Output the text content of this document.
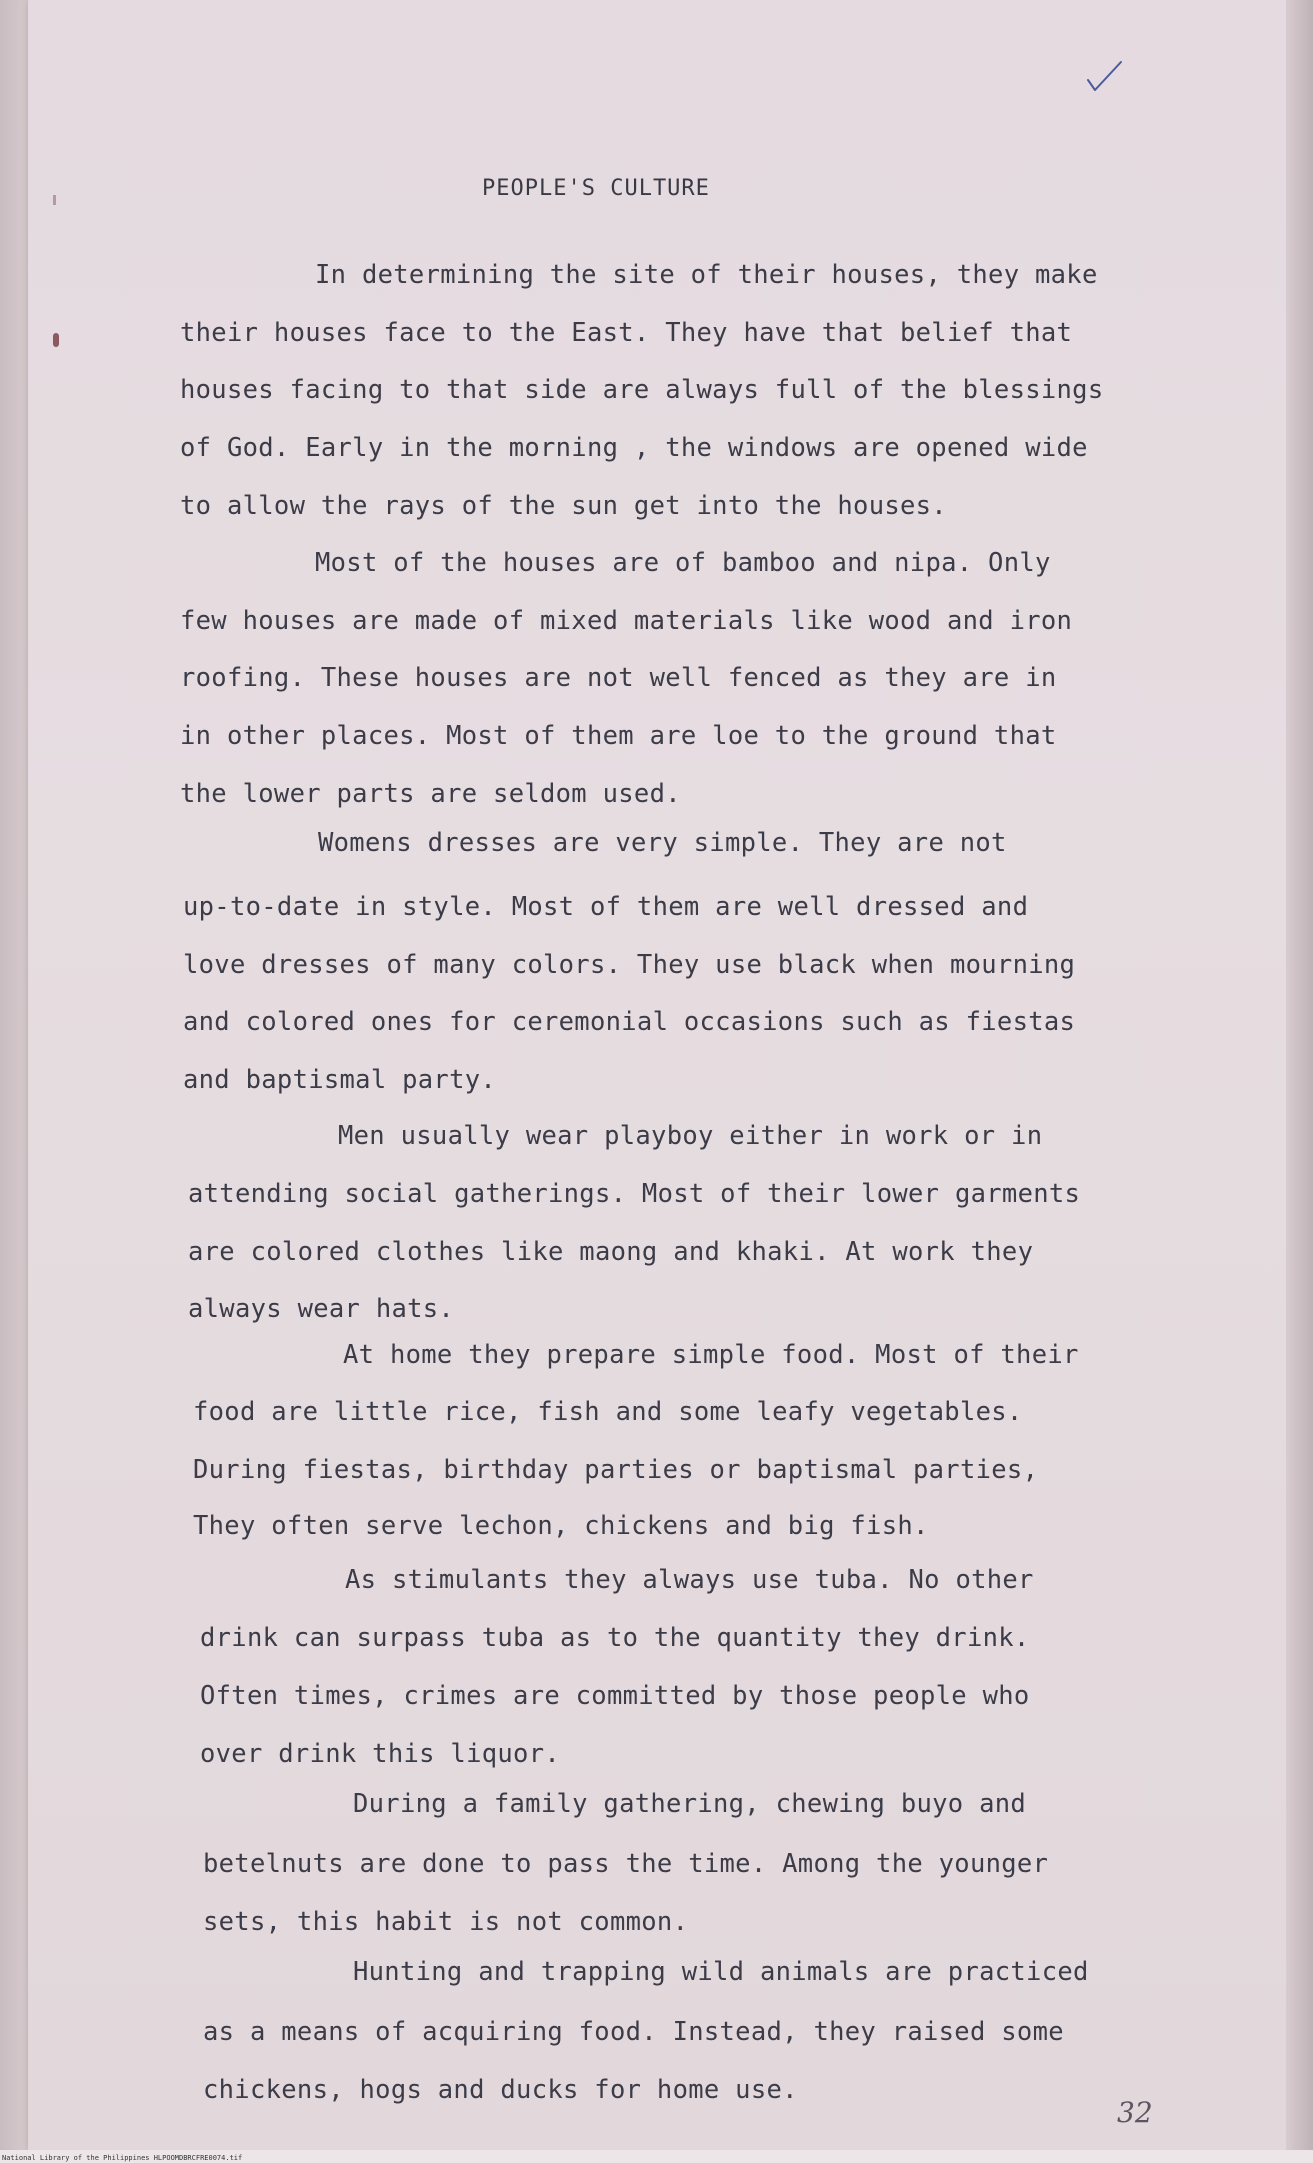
PEOPLE'S CULTURE
In determining the site of their houses, they make
their houses face to the East. They have that belief that
houses facing to that side are always full of the blessings
of God. Early in the morning , the windows are opened wide
to allow the rays of the sun get into the houses.
Most of the houses are of bamboo and nipa. Only
few houses are made of mixed materials like wood and iron
roofing. These houses are not well fenced as they are in
in other places. Most of them are loe to the ground that
the lower parts are seldom used.
Womens dresses are very simple. They are not
up-to-date in style. Most of them are well dressed and
love dresses of many colors. They use black when mourning
and colored ones for ceremonial occasions such as fiestas
and baptismal party.
Men usually wear playboy either in work or in
attending social gatherings. Most of their lower garments
are colored clothes like maong and khaki. At work they
always wear hats.
At home they prepare simple food. Most of their
food are little rice, fish and some leafy vegetables.
During fiestas, birthday parties or baptismal parties,
They often serve lechon, chickens and big fish.
As stimulants they always use tuba. No other
drink can surpass tuba as to the quantity they drink.
Often times, crimes are committed by those people who
over drink this liquor.
During a family gathering, chewing buyo and
betelnuts are done to pass the time. Among the younger
sets, this habit is not common.
Hunting and trapping wild animals are practiced
as a means of acquiring food. Instead, they raised some
chickens, hogs and ducks for home use.
32
National Library of the Philippines HLPOOMDBRCFRE0074.tif
